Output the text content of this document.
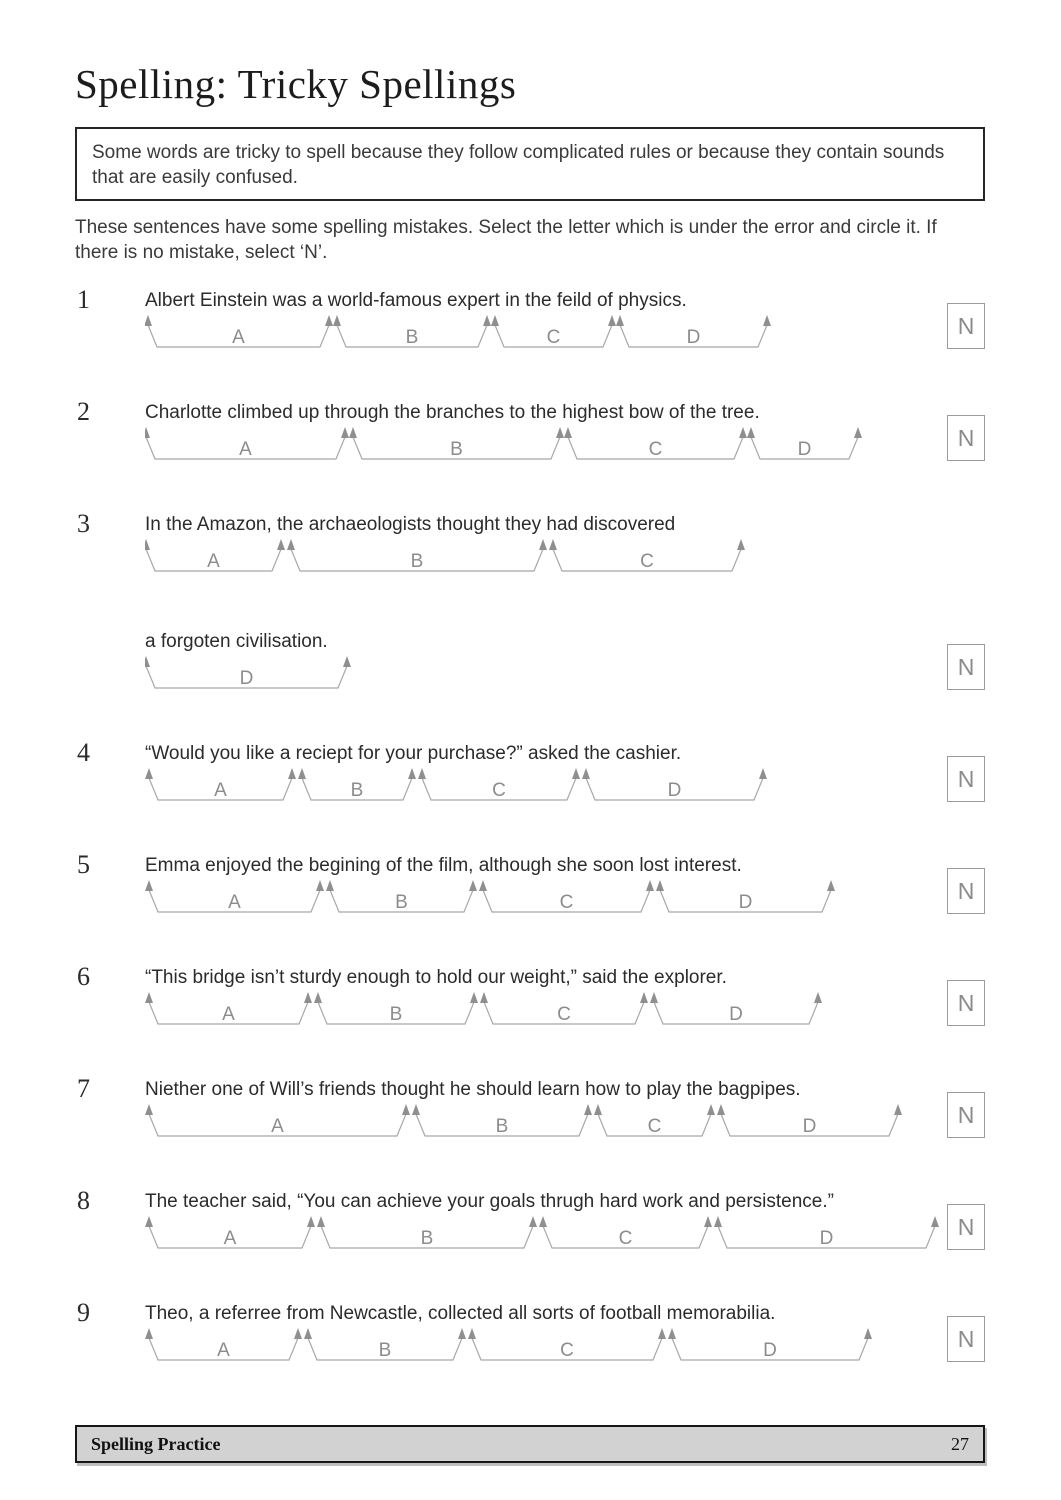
Spelling: Tricky Spellings

Some words are tricky to spell because they follow complicated rules or because they contain sounds that are easily confused.

These sentences have some spelling mistakes. Select the letter which is under the error and circle it. If there is no mistake, select ‘N’.

1	Albert Einstein was a world-famous expert in the feild of physics.
A	B	C	D	N
2	Charlotte climbed up through the branches to the highest bow of the tree.
A	B	C	D	N
3	In the Amazon, the archaeologists thought they had discovered
A	B	C
a forgoten civilisation.
D	N
4	“Would you like a reciept for your purchase?” asked the cashier.
A	B	C	D	N
5	Emma enjoyed the begining of the film, although she soon lost interest.
A	B	C	D	N
6	“This bridge isn’t sturdy enough to hold our weight,” said the explorer.
A	B	C	D	N
7	Niether one of Will’s friends thought he should learn how to play the bagpipes.
A	B	C	D	N
8	The teacher said, “You can achieve your goals thrugh hard work and persistence.”
A	B	C	D	N
9	Theo, a referree from Newcastle, collected all sorts of football memorabilia.
A	B	C	D	N
Spelling Practice	27
